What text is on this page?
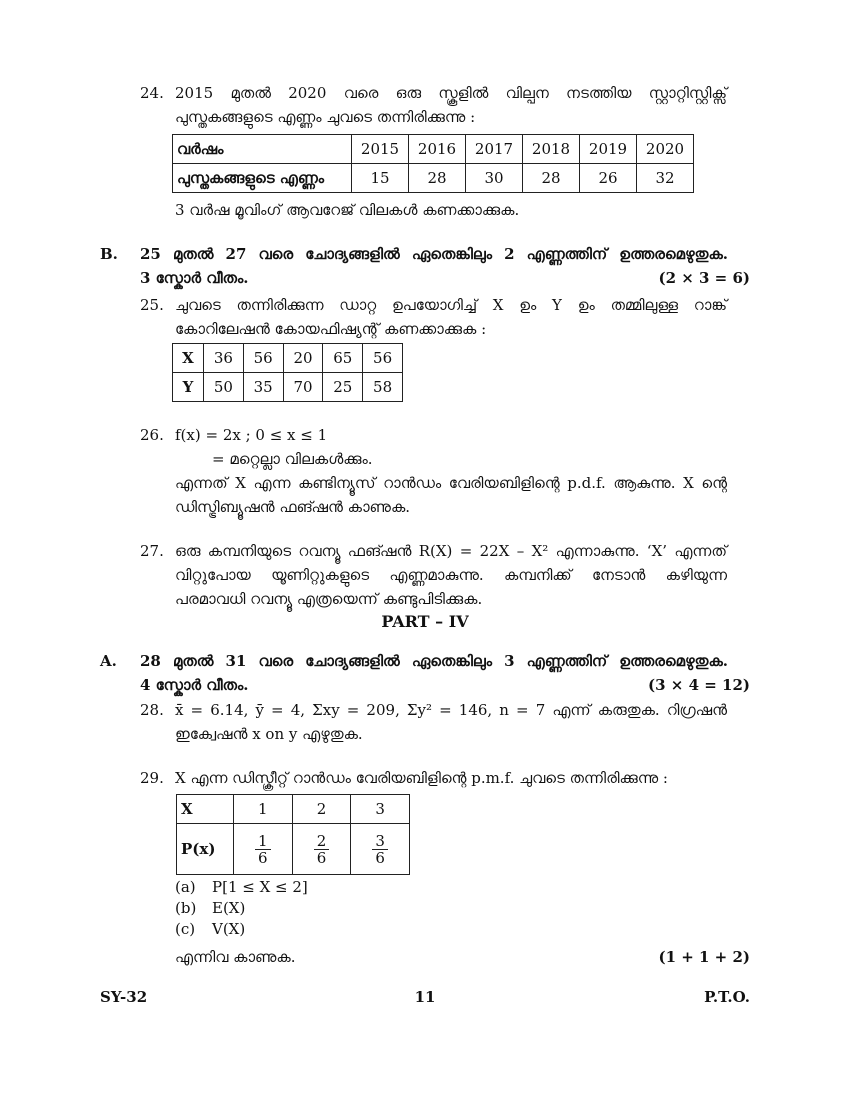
24. 2015 മുതൽ 2020 വരെ ഒരു സ്കൂളിൽ വില്പന നടത്തിയ സ്റ്റാറ്റിസ്റ്റിക്സ്
പുസ്തകങ്ങളുടെ എണ്ണം ചുവടെ തന്നിരിക്കുന്നു :
വർഷം	2015	2016	2017	2018	2019	2020
പുസ്തകങ്ങളുടെ എണ്ണം	15	28	30	28	26	32
3 വർഷ മൂവിംഗ് ആവറേജ് വിലകൾ കണക്കാക്കുക.
B. 25 മുതൽ 27 വരെ ചോദ്യങ്ങളിൽ ഏതെങ്കിലും 2 എണ്ണത്തിന് ഉത്തരമെഴുതുക.
3 സ്കോർ വീതം.	(2 × 3 = 6)
25. ചുവടെ തന്നിരിക്കുന്ന ഡാറ്റ ഉപയോഗിച്ച് X ഉം Y ഉം തമ്മിലുള്ള റാങ്ക്
കോറിലേഷൻ കോയഫിഷ്യന്റ് കണക്കാക്കുക :
X	36	56	20	65	56
Y	50	35	70	25	58
26. f(x) = 2x ; 0 ≤ x ≤ 1
= മറ്റെല്ലാ വിലകൾക്കും.
എന്നത് X എന്ന കണ്ടിന്യൂസ് റാൻഡം വേരിയബിളിന്റെ p.d.f. ആകുന്നു. X ന്റെ
ഡിസ്ട്രിബ്യൂഷൻ ഫങ്ഷൻ കാണുക.
27. ഒരു കമ്പനിയുടെ റവന്യൂ ഫങ്ഷൻ R(X) = 22X – X² എന്നാകുന്നു. ‘X’ എന്നത്
വിറ്റുപോയ യൂണിറ്റുകളുടെ എണ്ണമാകുന്നു. കമ്പനിക്ക് നേടാൻ കഴിയുന്ന
പരമാവധി റവന്യൂ എത്രയെന്ന് കണ്ടുപിടിക്കുക.
PART – IV
A. 28 മുതൽ 31 വരെ ചോദ്യങ്ങളിൽ ഏതെങ്കിലും 3 എണ്ണത്തിന് ഉത്തരമെഴുതുക.
4 സ്കോർ വീതം.	(3 × 4 = 12)
28. x̄ = 6.14, ȳ = 4, Σxy = 209, Σy² = 146, n = 7 എന്ന് കരുതുക. റിഗ്രഷൻ
ഇക്വേഷൻ x on y എഴുതുക.
29. X എന്ന ഡിസ്ക്രീറ്റ് റാൻഡം വേരിയബിളിന്റെ p.m.f. ചുവടെ തന്നിരിക്കുന്നു :
X	1	2	3
P(x)	$\frac{1}{6}$	$\frac{2}{6}$	$\frac{3}{6}$
(a) P[1 ≤ X ≤ 2]
(b) E(X)
(c) V(X)
എന്നിവ കാണുക.	(1 + 1 + 2)
SY-32	11	P.T.O.
